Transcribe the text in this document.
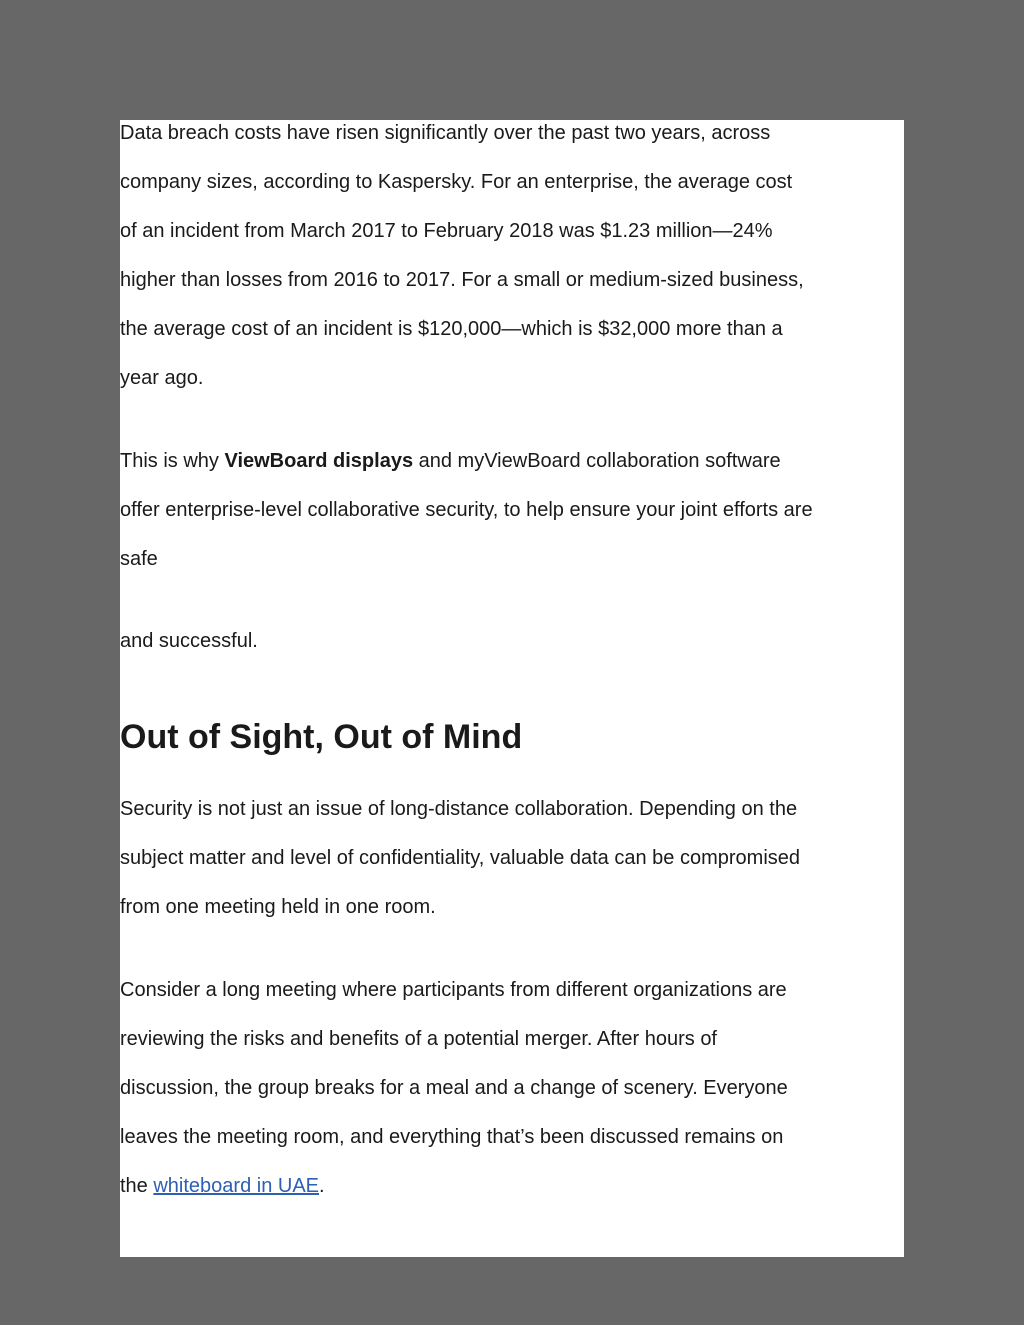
Data breach costs have risen significantly over the past two years, across
company sizes, according to Kaspersky. For an enterprise, the average cost
of an incident from March 2017 to February 2018 was $1.23 million—24%
higher than losses from 2016 to 2017. For a small or medium-sized business,
the average cost of an incident is $120,000—which is $32,000 more than a
year ago.

This is why ViewBoard displays and myViewBoard collaboration software
offer enterprise-level collaborative security, to help ensure your joint efforts are
safe

and successful.

Out of Sight, Out of Mind

Security is not just an issue of long-distance collaboration. Depending on the
subject matter and level of confidentiality, valuable data can be compromised
from one meeting held in one room.

Consider a long meeting where participants from different organizations are
reviewing the risks and benefits of a potential merger. After hours of
discussion, the group breaks for a meal and a change of scenery. Everyone
leaves the meeting room, and everything that’s been discussed remains on
the whiteboard in UAE.
